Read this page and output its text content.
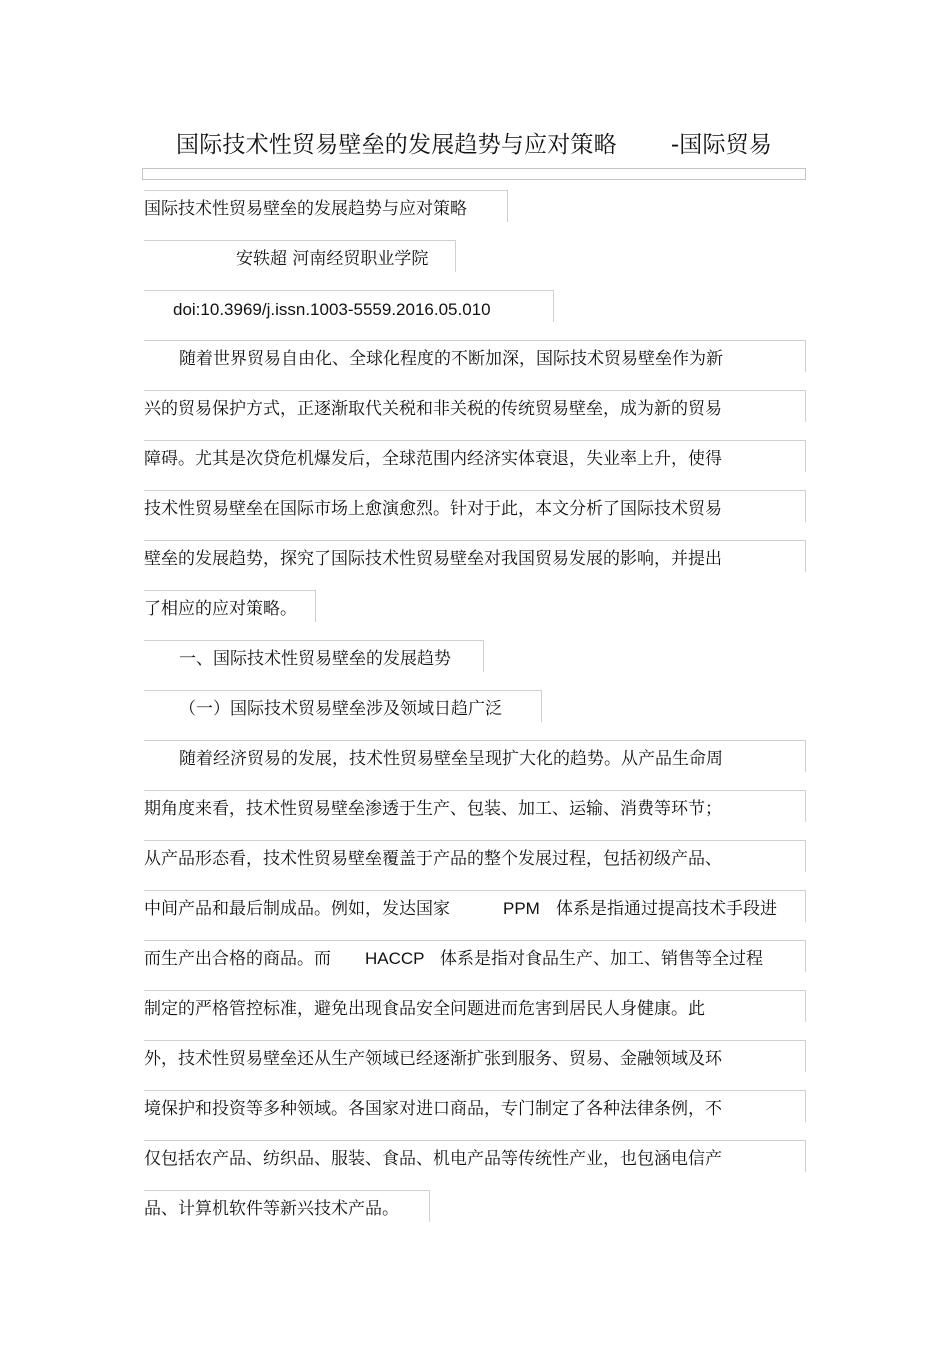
国际技术性贸易壁垒的发展趋势与应对策略 -国际贸易
国际技术性贸易壁垒的发展趋势与应对策略
安轶超 河南经贸职业学院
doi:10.3969/j.issn.1003-5559.2016.05.010
随着世界贸易自由化、全球化程度的不断加深，国际技术贸易壁垒作为新
兴的贸易保护方式，正逐渐取代关税和非关税的传统贸易壁垒，成为新的贸易
障碍。尤其是次贷危机爆发后，全球范围内经济实体衰退，失业率上升，使得
技术性贸易壁垒在国际市场上愈演愈烈。针对于此，本文分析了国际技术贸易
壁垒的发展趋势，探究了国际技术性贸易壁垒对我国贸易发展的影响，并提出
了相应的应对策略。
一、国际技术性贸易壁垒的发展趋势
（一）国际技术贸易壁垒涉及领域日趋广泛
随着经济贸易的发展，技术性贸易壁垒呈现扩大化的趋势。从产品生命周
期角度来看，技术性贸易壁垒渗透于生产、包装、加工、运输、消费等环节；
从产品形态看，技术性贸易壁垒覆盖于产品的整个发展过程，包括初级产品、
中间产品和最后制成品。例如，发达国家	PPM 体系是指通过提高技术手段进
而生产出合格的商品。而 HACCP 体系是指对食品生产、加工、销售等全过程
制定的严格管控标准，避免出现食品安全问题进而危害到居民人身健康。此
外，技术性贸易壁垒还从生产领域已经逐渐扩张到服务、贸易、金融领域及环
境保护和投资等多种领域。各国家对进口商品，专门制定了各种法律条例，不
仅包括农产品、纺织品、服装、食品、机电产品等传统性产业，也包涵电信产
品、计算机软件等新兴技术产品。
